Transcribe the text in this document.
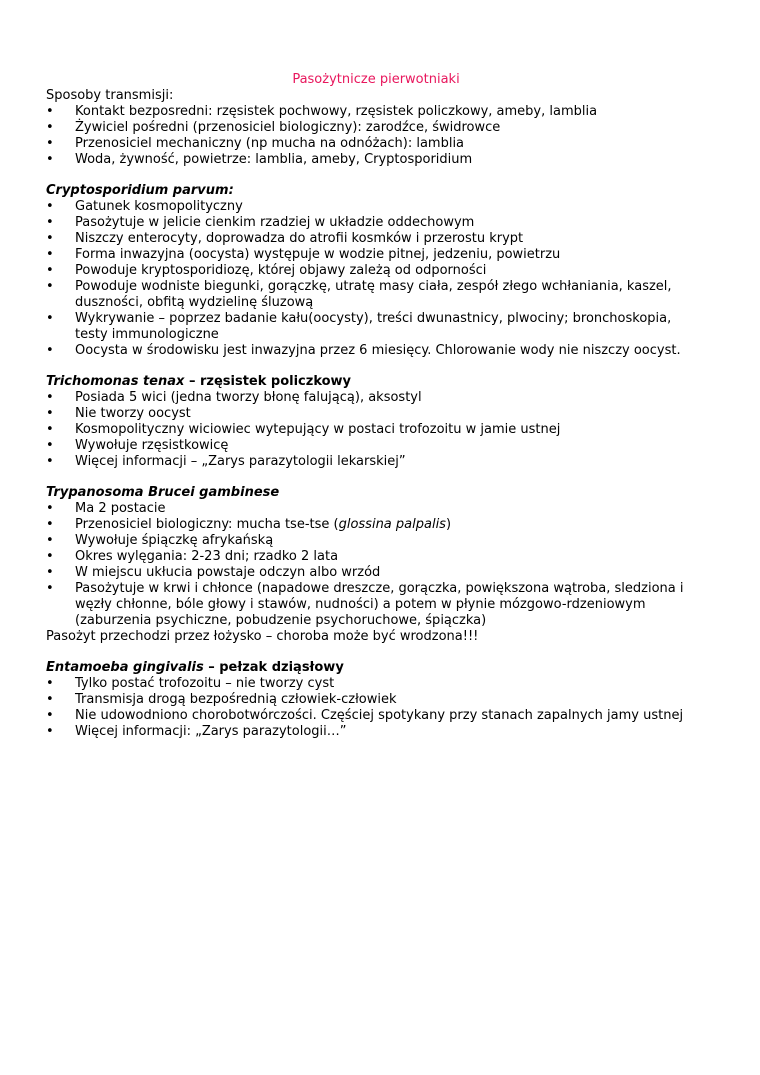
Pasożytnicze pierwotniaki
Sposoby transmisji:
•	Kontakt bezposredni: rzęsistek pochwowy, rzęsistek policzkowy, ameby, lamblia
•	Żywiciel pośredni (przenosiciel biologiczny): zarodźce, świdrowce
•	Przenosiciel mechaniczny (np mucha na odnóżach): lamblia
•	Woda, żywność, powietrze: lamblia, ameby, Cryptosporidium
Cryptosporidium parvum:
•	Gatunek kosmopolityczny
•	Pasożytuje w jelicie cienkim rzadziej w układzie oddechowym
•	Niszczy enterocyty, doprowadza do atrofii kosmków i przerostu krypt
•	Forma inwazyjna (oocysta) występuje w wodzie pitnej, jedzeniu, powietrzu
•	Powoduje kryptosporidiozę, której objawy zależą od odporności
•	Powoduje wodniste biegunki, gorączkę, utratę masy ciała, zespół złego wchłaniania, kaszel, duszności, obfitą wydzielinę śluzową
•	Wykrywanie – poprzez badanie kału(oocysty), treści dwunastnicy, plwociny; bronchoskopia, testy immunologiczne
•	Oocysta w środowisku jest inwazyjna przez 6 miesięcy. Chlorowanie wody nie niszczy oocyst.
Trichomonas tenax – rzęsistek policzkowy
•	Posiada 5 wici (jedna tworzy błonę falującą), aksostyl
•	Nie tworzy oocyst
•	Kosmopolityczny wiciowiec wytepujący w postaci trofozoitu w jamie ustnej
•	Wywołuje rzęsistkowicę
•	Więcej informacji – „Zarys parazytologii lekarskiej”
Trypanosoma Brucei gambinese
•	Ma 2 postacie
•	Przenosiciel biologiczny: mucha tse-tse (glossina palpalis)
•	Wywołuje śpiączkę afrykańską
•	Okres wylęgania: 2-23 dni; rzadko 2 lata
•	W miejscu ukłucia powstaje odczyn albo wrzód
•	Pasożytuje w krwi i chłonce (napadowe dreszcze, gorączka, powiększona wątroba, sledziona i węzły chłonne, bóle głowy i stawów, nudności) a potem w płynie mózgowo-rdzeniowym (zaburzenia psychiczne, pobudzenie psychoruchowe, śpiączka)
Pasożyt przechodzi przez łożysko – choroba może być wrodzona!!!
Entamoeba gingivalis – pełzak dziąsłowy
•	Tylko postać trofozoitu – nie tworzy cyst
•	Transmisja drogą bezpośrednią człowiek-człowiek
•	Nie udowodniono chorobotwórczości. Częściej spotykany przy stanach zapalnych jamy ustnej
•	Więcej informacji: „Zarys parazytologii…”
